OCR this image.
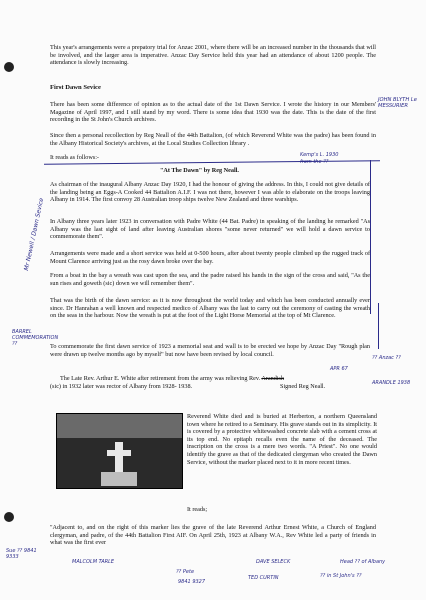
This year's arrangements were a prepatory trial for Anzac 2001, where there will be an increased number in the thousands that will be involved, and the larger area is imperative. Anzac Day Service held this year had an attendance of about 1200 people. The attendance is slowly increasing.

First Dawn Sevice

There has been some difference of opinion as to the actual date of the 1st Dawn Service. I wrote the history in our Members' Magazine of April 1997, and I still stand by my word. There is some idea that 1930 was the date. This is the date of the first recording in the St John's Church archives.

Since then a personal recollection by Reg Neall of the 44th Battalion, (of which Reverend White was the padre) has been found in the Albany Historical Society's archives, at the Local Studies Collection library .

It reads as follows:-

"At The Dawn" by Reg Neall.

As chairman of the inaugural Albany Anzac Day 1920, I had the honour of giving the address. In this, I could not give details of the landing being an Eggs-A Cooked 44 Battalion A.I.F. I was not there, however I was able to elaborate on the troops leaving Albany in 1914. The first convoy 28 Australian troop ships twelve New Zealand and three warships.

In Albany three years later 1923 in conversation with Padre White (44 Bat. Padre) in speaking of the landing he remarked "As Albany was the last sight of land after leaving Australian shores "some never returned" we will hold a dawn service to commemorate them".

Arrangements were made and a short service was held at 0-500 hours, after about twenty people climbed up the rugged track of Mount Clarence arriving just as the rosy dawn broke over the bay.

From a boat in the bay a wreath was cast upon the sea, and the padre raised his hands in the sign of the cross and said, "As the sun rises and goweth (sic) down we will remember them".

That was the birth of the dawn service: as it is now throughout the world today and which has been conducted annually ever since. Dr Hanrahan a well known and respected medico of Albany was the last to carry out the ceremony of casting the wreath on the seas in the harbour. Now the wreath is put at the foot of the Light Horse Memorial at the top of Mt Clarence.

To commemorate the first dawn service of 1923 a memorial seat and wall is to be erected we hope by Anzac Day "Rough plan were drawn up twelve months ago by myself" but now have been revised by local council.

The Late Rev. Arthur E. White after retirement from the army was relieving Rev. Arandish
(sic) in 1932 later was rector of Albany from 1928- 1938.	Signed Reg Neall.

Reverend White died and is buried at Herberton, a northern Queensland town where he retired to a Seminary. His grave stands out in its simplicity. It is covered by a protective whitewashed concrete slab with a cement cross at its top end. No epitaph recalls even the name of the deceased. The inscription on the cross is a mere two words. "A Priest". No one would identify the grave as that of the dedicated clergyman who created the Dawn Service, without the marker placed next to it in more recent times.

It reads;

"Adjacent to, and on the right of this marker lies the grave of the late Reverend Arthur Ernest White, a Church of England clergyman, and padre, of the 44th Battalion First AIF. On April 25th, 1923 at Albany W.A., Rev White led a party of friends in what was the first ever

JOHN BLYTH Le MESSURIER
Kemp's L. 1930
from the ??
Mr Newell / Dawn Sevice
BARREL COMMEMORATION ??
APR 67
?? Anzac ??
ARANDLE 1938
Sue ?? 9841 9333
MALCOLM TARLE
?? Pete
9841 9327
DAVE SELECK
TED CURTIN
Head ?? of Albany
?? in St John's ??
